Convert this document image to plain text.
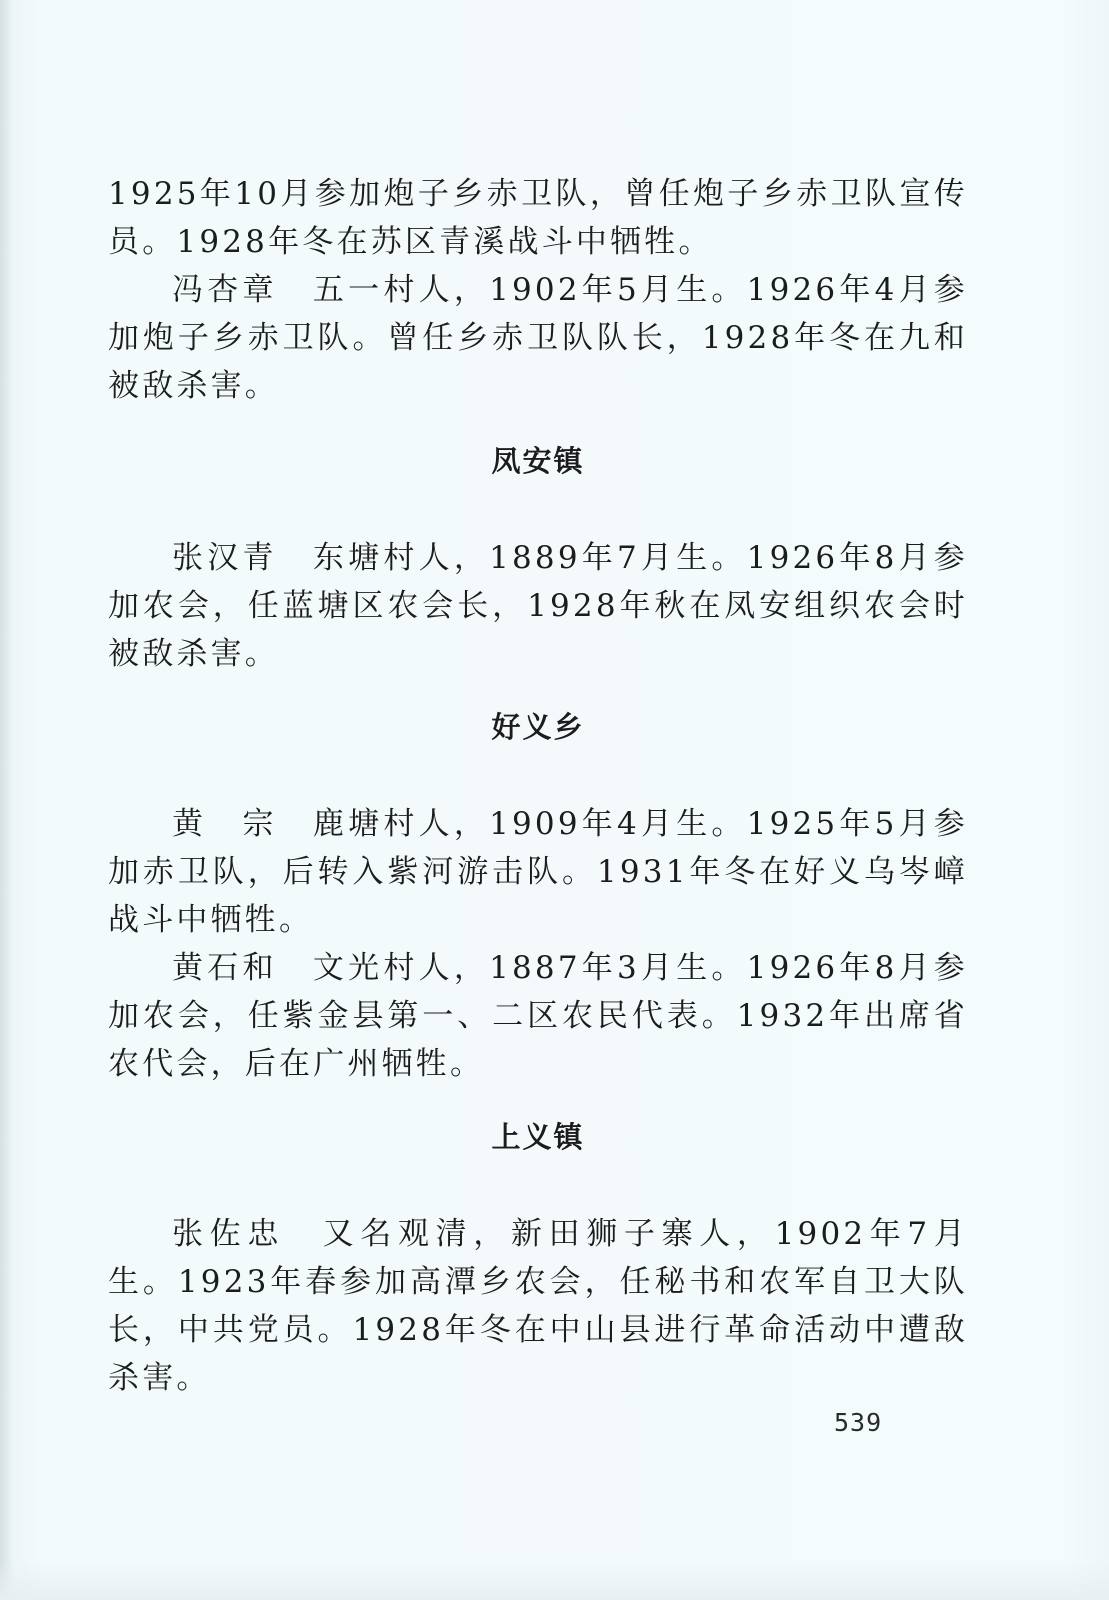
1925年10月参加炮子乡赤卫队，曾任炮子乡赤卫队宣传员。1928年冬在苏区青溪战斗中牺牲。

冯杏章　五一村人，1902年5月生。1926年4月参加炮子乡赤卫队。曾任乡赤卫队队长，1928年冬在九和被敌杀害。

凤安镇

张汉青　东塘村人，1889年7月生。1926年8月参加农会，任蓝塘区农会长，1928年秋在凤安组织农会时被敌杀害。

好义乡

黄　宗　鹿塘村人，1909年4月生。1925年5月参加赤卫队，后转入紫河游击队。1931年冬在好义乌岑嶂战斗中牺牲。

黄石和　文光村人，1887年3月生。1926年8月参加农会，任紫金县第一、二区农民代表。1932年出席省农代会，后在广州牺牲。

上义镇

张佐忠　又名观清，新田狮子寨人，1902年7月生。1923年春参加高潭乡农会，任秘书和农军自卫大队长，中共党员。1928年冬在中山县进行革命活动中遭敌杀害。

539
